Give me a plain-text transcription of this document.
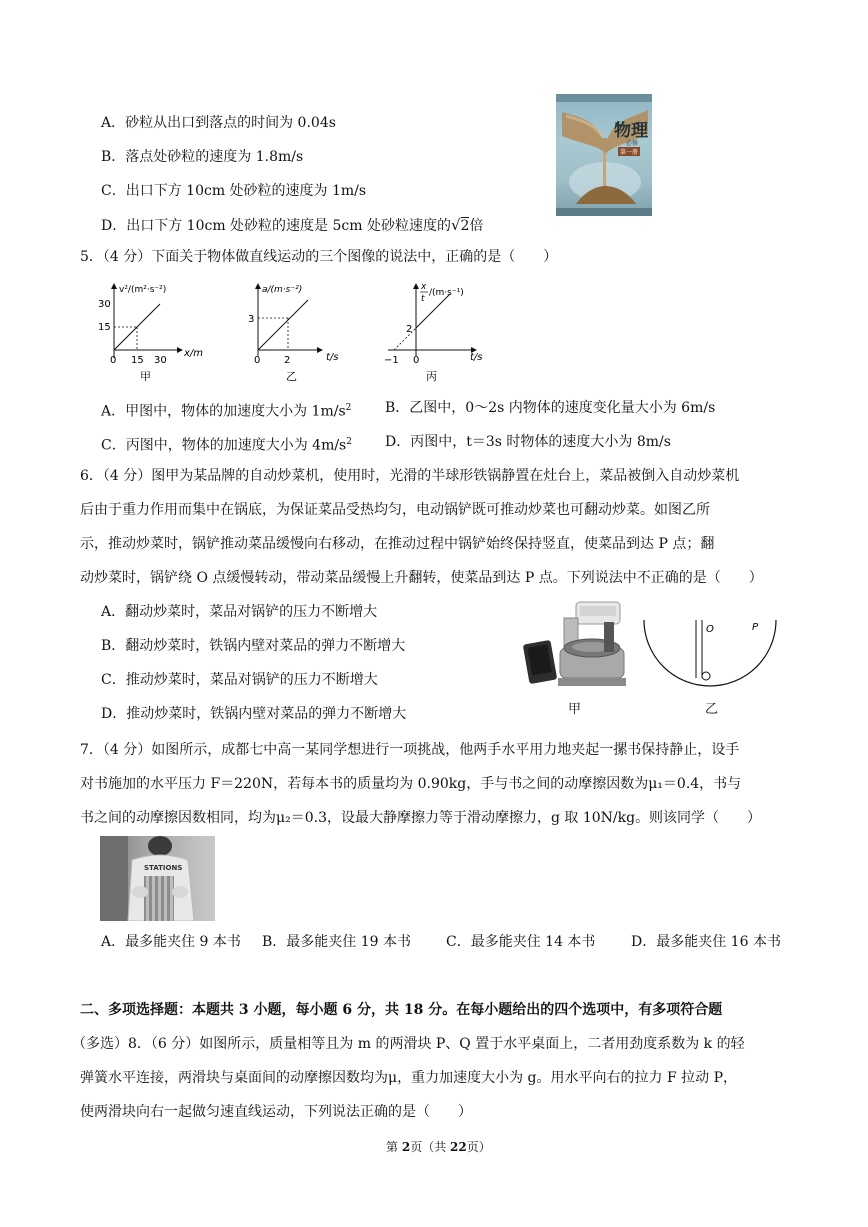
A．砂粒从出口到落点的时间为 0.04s
B．落点处砂粒的速度为 1.8m/s
C．出口下方 10cm 处砂粒的速度为 1m/s
D．出口下方 10cm 处砂粒的速度是 5cm 处砂粒速度的√2倍
物理
必修
第一册
5．（4 分）下面关于物体做直线运动的三个图像的说法中，正确的是（　　）
v²/(m²·s⁻²)
x/m
30
15
0 15 30
甲
a/(m·s⁻²)
t/s
3
0 2
乙
x
t
/(m·s⁻¹)
t/s
2
−1 0
丙
A．甲图中，物体的加速度大小为 $1m/s^2$ B．乙图中，0～2s 内物体的速度变化量大小为 6m/s
C．丙图中，物体的加速度大小为 $4m/s^2$ D．丙图中，t＝3s 时物体的速度大小为 8m/s
6．（4 分）图甲为某品牌的自动炒菜机，使用时，光滑的半球形铁锅静置在灶台上，菜品被倒入自动炒菜机
后由于重力作用而集中在锅底，为保证菜品受热均匀，电动锅铲既可推动炒菜也可翻动炒菜。如图乙所
示，推动炒菜时，锅铲推动菜品缓慢向右移动，在推动过程中锅铲始终保持竖直，使菜品到达 P 点；翻
动炒菜时，锅铲绕 O 点缓慢转动，带动菜品缓慢上升翻转，使菜品到达 P 点。下列说法中不正确的是（　　）
A．翻动炒菜时，菜品对锅铲的压力不断增大
B．翻动炒菜时，铁锅内壁对菜品的弹力不断增大
C．推动炒菜时，菜品对锅铲的压力不断增大
D．推动炒菜时，铁锅内壁对菜品的弹力不断增大	甲
O	P
乙
7．（4 分）如图所示，成都七中高一某同学想进行一项挑战，他两手水平用力地夹起一摞书保持静止，设手
对书施加的水平压力 F＝220N，若每本书的质量均为 0.90kg，手与书之间的动摩擦因数为μ₁＝0.4，书与
书之间的动摩擦因数相同，均为μ₂＝0.3，设最大静摩擦力等于滑动摩擦力，g 取 10N/kg。则该同学（　　）
STATIONS
A．最多能夹住 9 本书 B．最多能夹住 19 本书 C．最多能夹住 14 本书	D．最多能夹住 16 本书
二、多项选择题：本题共 3 小题，每小题 6 分，共 18 分。在每小题给出的四个选项中，有多项符合题
（多选）8．（6 分）如图所示，质量相等且为 m 的两滑块 P、Q 置于水平桌面上，二者用劲度系数为 k 的轻
弹簧水平连接，两滑块与桌面间的动摩擦因数均为μ，重力加速度大小为 g。用水平向右的拉力 F 拉动 P，
使两滑块向右一起做匀速直线运动，下列说法正确的是（　　）
第 2页（共 22页）
